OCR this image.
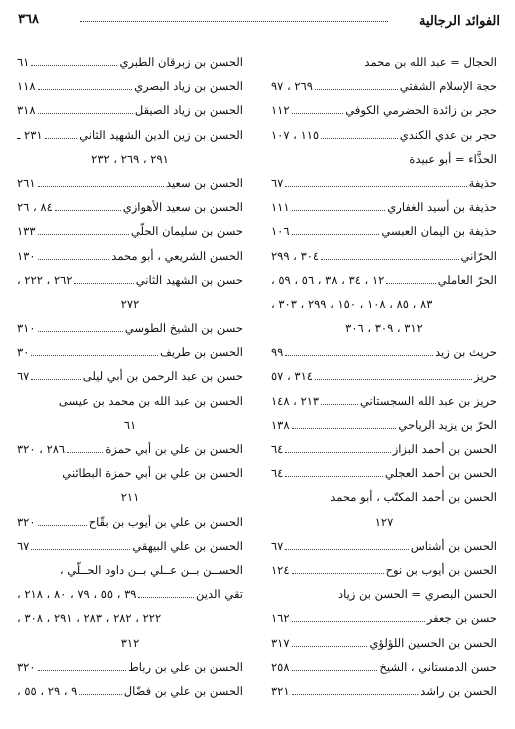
٣٦٨	الفوائد الرجالية
الحجال = عبد الله بن محمد
حجة الإسلام الشفتي
٢٦٩ ، ٩٧
حجر بن زائدة الحضرمي الكوفي
١١٢
حجر بن عدي الكندي
١١٥ ، ١٠٧
الحذَّاء = أبو عبيدة
حذيفة
٦٧
حذيفة بن أسيد الغفاري
١١١
حذيفة بن اليمان العبسي
١٠٦
الحرّاني
٣٠٤ ، ٢٩٩
الحرّ العاملي
١٢ ، ٣٤ ، ٣٨ ، ٥٦ ، ٥٩ ،
٨٣ ، ٨٥ ، ١٠٨ ، ١٥٠ ، ٢٩٩ ، ٣٠٣ ،
٣١٢ ، ٣٠٩ ، ٣٠٦
حريث بن زيد
٩٩
حريز
٣١٤ ، ٥٧
حريز بن عبد الله السجستاني
٢١٣ ، ١٤٨
الحرّ بن يزيد الرياحي
١٣٨
الحسن بن أحمد البزاز
٦٤
الحسن بن أحمد العجلي
٦٤
الحسن بن أحمد المكتّب ، أبو محمد
١٢٧
الحسن بن أشناس
٦٧
الحسن بن أيوب بن نوح
١٢٤
الحسن البصري = الحسن بن زياد
حسن بن جعفر
١٦٢
الحسن بن الحسين اللؤلؤي
٣١٧
حسن الدمستاني ، الشيخ
٢٥٨
الحسن بن راشد
٣٢١
الحسن بن زبرقان الطبري
٦١
الحسن بن زياد البصري
١١٨
الحسن بن زياد الصيقل
٣١٨
الحسن بن زين الدين الشهيد الثاني
٢٣١ ـ
٢٩١ ، ٢٦٩ ، ٢٣٢
الحسن بن سعيد
٢٦١
الحسن بن سعيد الأهوازي
٨٤ ، ٢٦
حسن بن سليمان الحلّي
١٣٣
الحسن الشريعي ، أبو محمد
١٣٠
حسن بن الشهيد الثاني
٢٦٢ ، ٢٢٢ ،
٢٧٢
حسن بن الشيخ الطوسي
٣١٠
الحسن بن طريف
٣٠
حسن بن عبد الرحمن بن أبي ليلى
٦٧
الحسن بن عبد الله بن محمد بن عيسى
٦١
الحسن بن علي بن أبي حمزة
٢٨٦ ، ٣٢٠
الحسن بن علي بن أبي حمزة البطائني
٢١١
الحسن بن علي بن أيوب بن بقّاح
٣٢٠
الحسن بن علي البيهقي
٦٧
الحســن بــن عــلي بــن داود الحــلّي ،
تقي الدين
٣٩ ، ٥٥ ، ٧٩ ، ٨٠ ، ٢١٨ ،
٢٢٢ ، ٢٨٢ ، ٢٨٣ ، ٢٩١ ، ٣٠٨ ،
٣١٢
الحسن بن علي بن رباط
٣٢٠
الحسن بن علي بن فضّال
٩ ، ٢٩ ، ٥٥ ،
